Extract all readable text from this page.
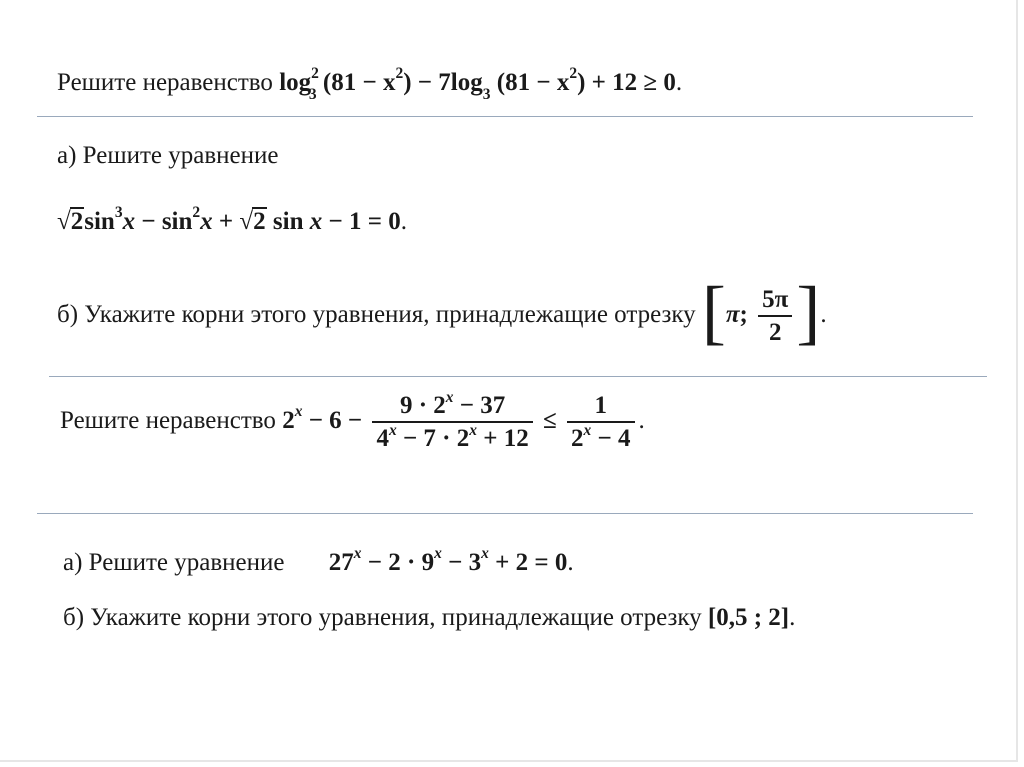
Решите неравенство $\log^2_3 (81 - x^2) - 7\log_3$ $(81 - x^2) + 12 \ge 0$.
а) Решите уравнение
$√2\sin^3x - \sin^2x + √2$ sin x − 1 = 0.
б) Укажите корни этого уравнения, принадлежащие отрезку [π; $\frac{5\pi}{2}$ ].
Решите неравенство $2^x - 6 - \frac{9 \cdot 2^x - 37}{4^x - 7 \cdot 2^x + 12} \le \frac{1}{2^x - 4}$ .
а) Решите уравнение $27^x - 2 \cdot 9^x - 3^x + 2 = 0$.
б) Укажите корни этого уравнения, принадлежащие отрезку [0,5 ; 2].
